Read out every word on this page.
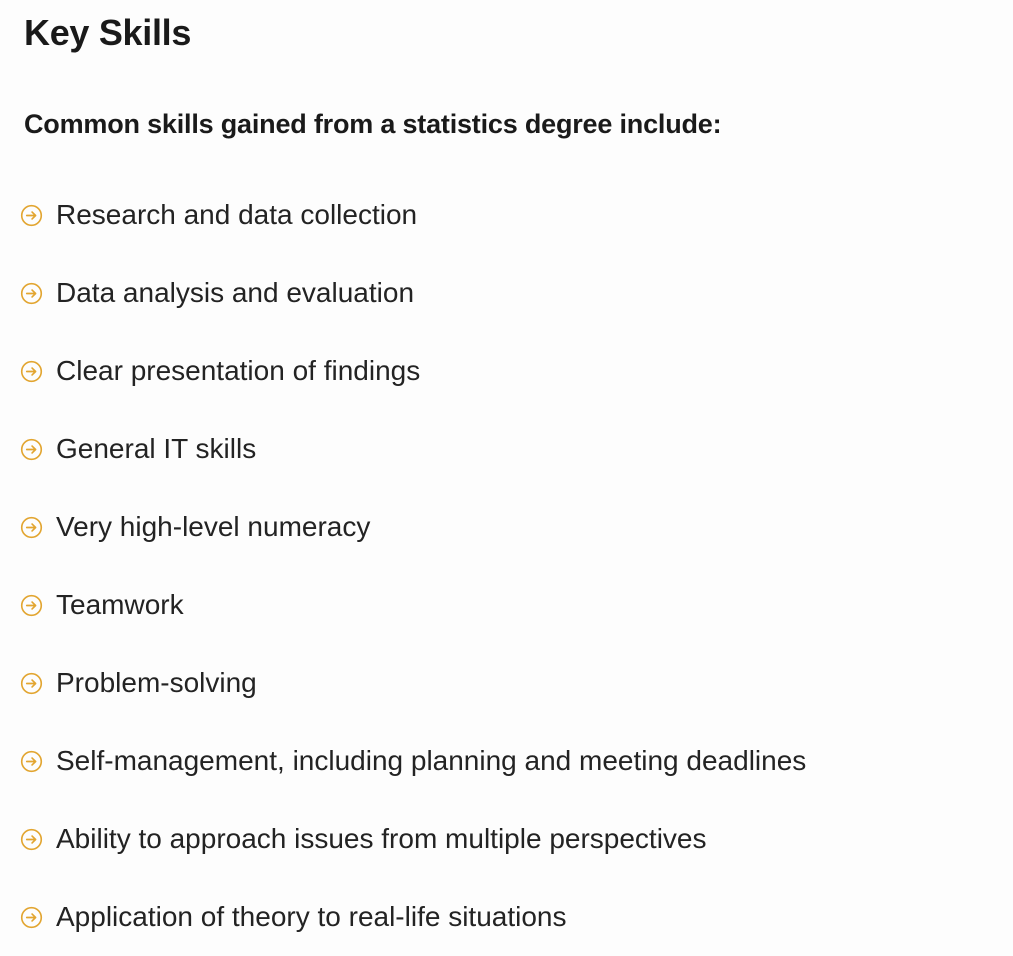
Key Skills

Common skills gained from a statistics degree include:

Research and data collection
Data analysis and evaluation
Clear presentation of findings
General IT skills
Very high-level numeracy
Teamwork
Problem-solving
Self-management, including planning and meeting deadlines
Ability to approach issues from multiple perspectives
Application of theory to real-life situations
